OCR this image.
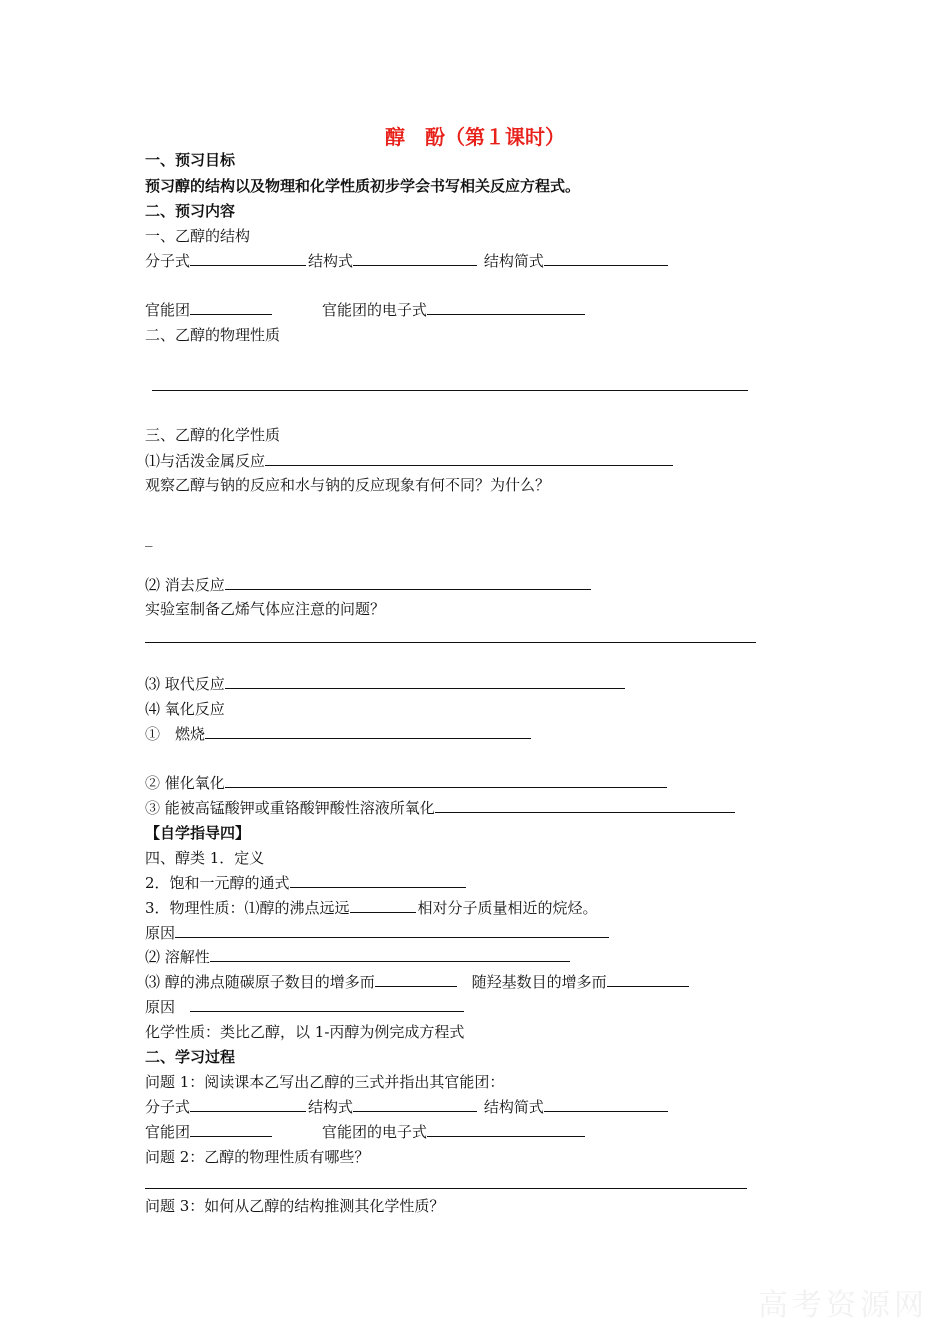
醇　酚（第１课时）
一、预习目标
预习醇的结构以及物理和化学性质初步学会书写相关反应方程式。
二、预习内容
一、乙醇的结构
分子式	结构式	结构简式
官能团	官能团的电子式
二、乙醇的物理性质
三、乙醇的化学性质
⑴与活泼金属反应
观察乙醇与钠的反应和水与钠的反应现象有何不同？为什么？
_
⑵ 消去反应
实验室制备乙烯气体应注意的问题？
⑶ 取代反应
⑷ 氧化反应
①　燃烧
② 催化氧化
③ 能被高锰酸钾或重铬酸钾酸性溶液所氧化
【自学指导四】
四、醇类 1．定义
2．饱和一元醇的通式
3．物理性质：⑴醇的沸点远远	相对分子质量相近的烷烃。
原因
⑵ 溶解性
⑶ 醇的沸点随碳原子数目的增多而	随羟基数目的增多而
原因　
化学性质：类比乙醇，以 1-丙醇为例完成方程式
二、学习过程
问题 1：阅读课本乙写出乙醇的三式并指出其官能团：
分子式	结构式	结构简式
官能团	官能团的电子式
问题 2：乙醇的物理性质有哪些？
问题 3：如何从乙醇的结构推测其化学性质？
高考资源网
